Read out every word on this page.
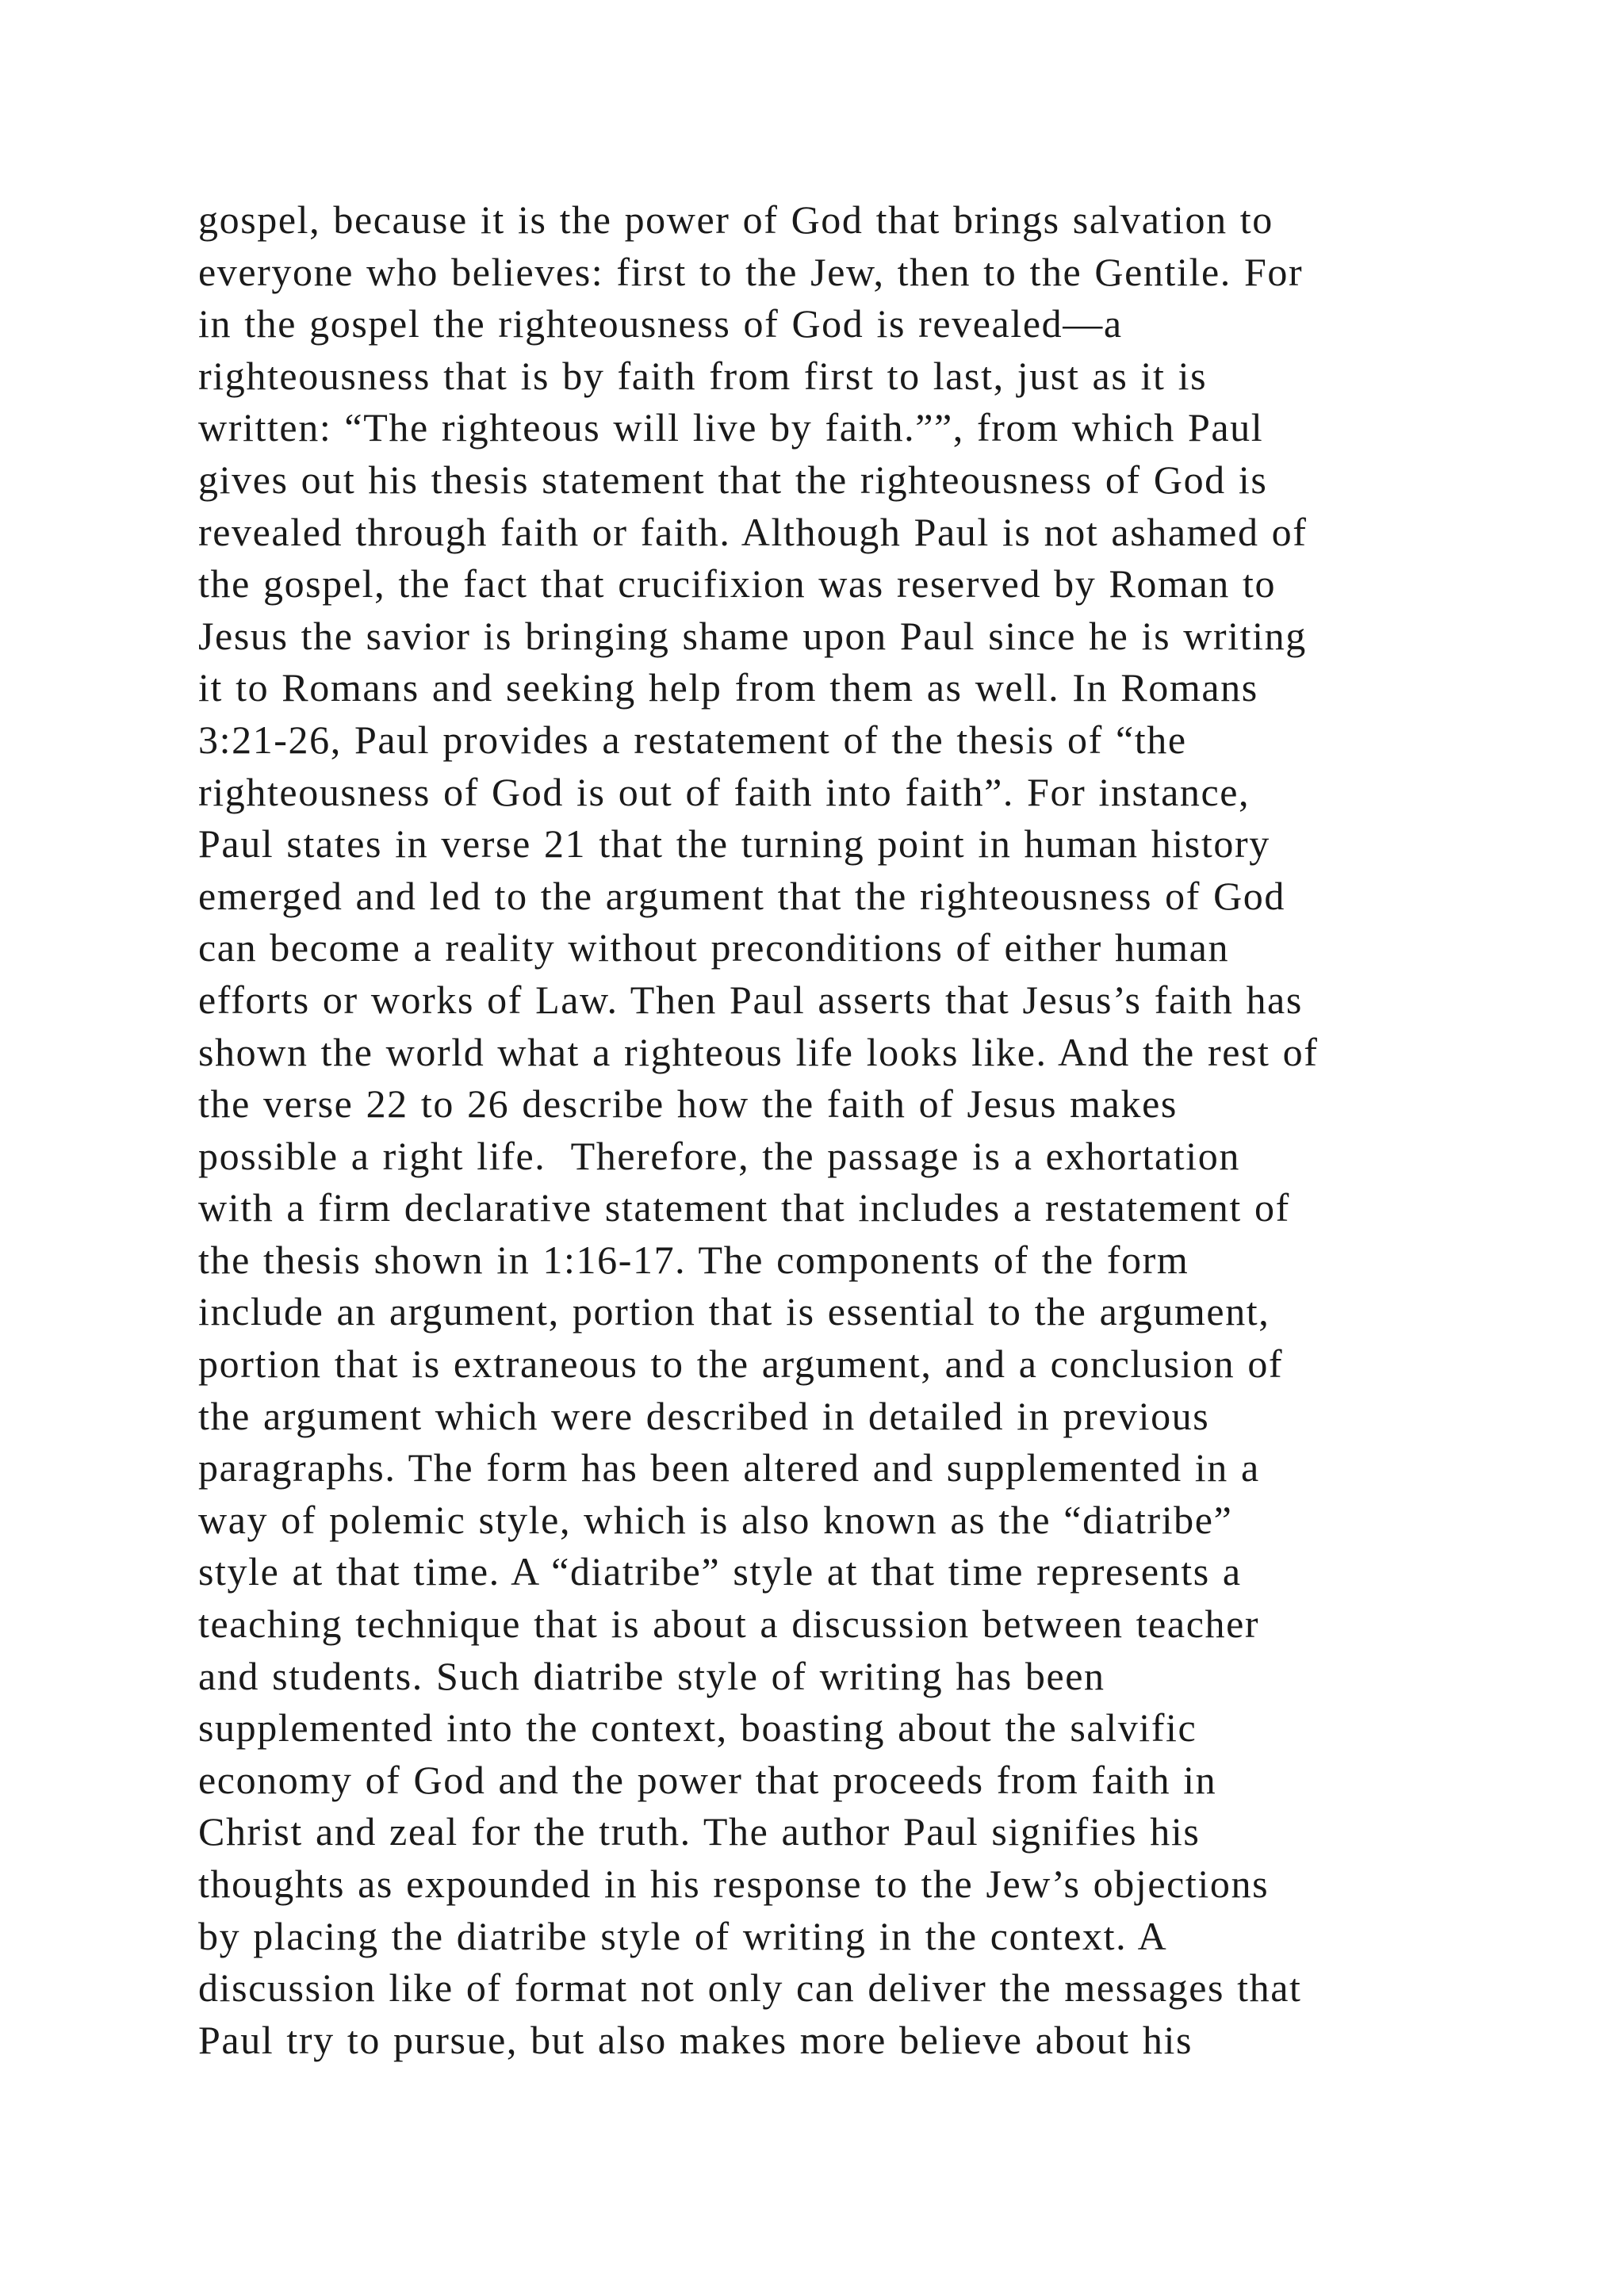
gospel, because it is the power of God that brings salvation to
everyone who believes: first to the Jew, then to the Gentile. For
in the gospel the righteousness of God is revealed—a
righteousness that is by faith from first to last, just as it is
written: “The righteous will live by faith.””, from which Paul
gives out his thesis statement that the righteousness of God is
revealed through faith or faith. Although Paul is not ashamed of
the gospel, the fact that crucifixion was reserved by Roman to
Jesus the savior is bringing shame upon Paul since he is writing
it to Romans and seeking help from them as well. In Romans
3:21-26, Paul provides a restatement of the thesis of “the
righteousness of God is out of faith into faith”. For instance,
Paul states in verse 21 that the turning point in human history
emerged and led to the argument that the righteousness of God
can become a reality without preconditions of either human
efforts or works of Law. Then Paul asserts that Jesus’s faith has
shown the world what a righteous life looks like. And the rest of
the verse 22 to 26 describe how the faith of Jesus makes
possible a right life.  Therefore, the passage is a exhortation
with a firm declarative statement that includes a restatement of
the thesis shown in 1:16-17. The components of the form
include an argument, portion that is essential to the argument,
portion that is extraneous to the argument, and a conclusion of
the argument which were described in detailed in previous
paragraphs. The form has been altered and supplemented in a
way of polemic style, which is also known as the “diatribe”
style at that time. A “diatribe” style at that time represents a
teaching technique that is about a discussion between teacher
and students. Such diatribe style of writing has been
supplemented into the context, boasting about the salvific
economy of God and the power that proceeds from faith in
Christ and zeal for the truth. The author Paul signifies his
thoughts as expounded in his response to the Jew’s objections
by placing the diatribe style of writing in the context. A
discussion like of format not only can deliver the messages that
Paul try to pursue, but also makes more believe about his
